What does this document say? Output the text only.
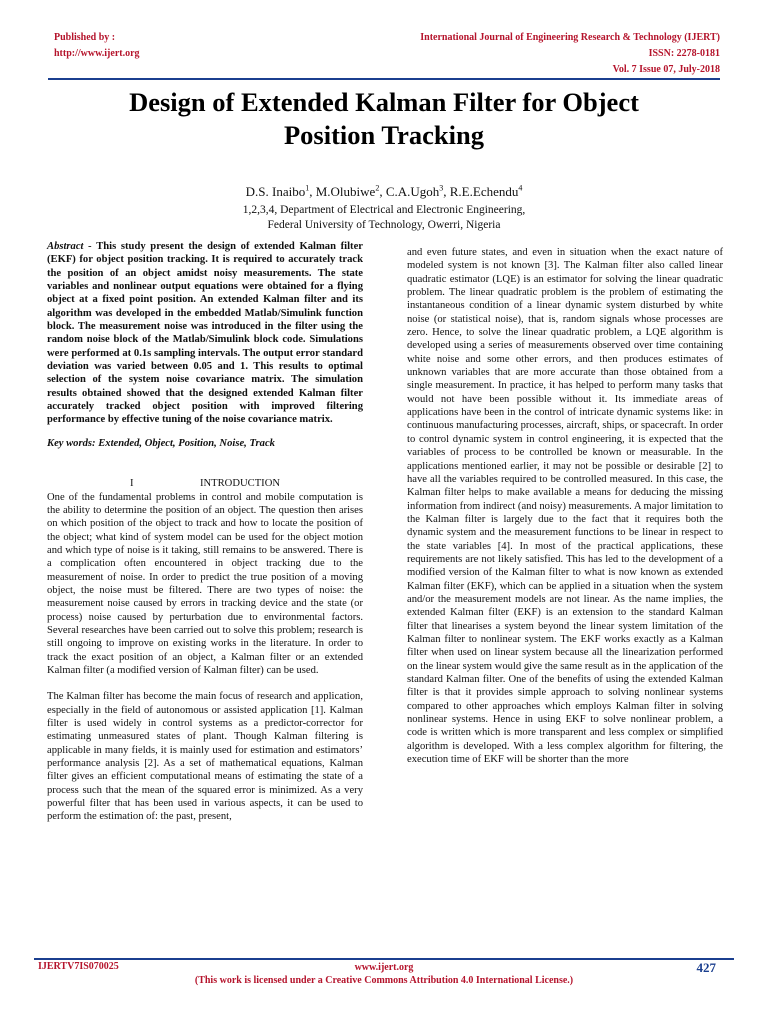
Published by :
http://www.ijert.org
International Journal of Engineering Research & Technology (IJERT)
ISSN: 2278-0181
Vol. 7 Issue 07, July-2018
Design of Extended Kalman Filter for Object
Position Tracking
D.S. Inaibo$^1$, M.Olubiwe$^2$, C.A.Ugoh$^3$, R.E.Echendu$^4$
1,2,3,4, Department of Electrical and Electronic Engineering,
Federal University of Technology, Owerri, Nigeria

Abstract - This study present the design of extended Kalman filter (EKF) for object position tracking. It is required to accurately track the position of an object amidst noisy measurements. The state variables and nonlinear output equations were obtained for a flying object at a fixed point position. An extended Kalman filter and its algorithm was developed in the embedded Matlab/Simulink function block. The measurement noise was introduced in the filter using the random noise block of the Matlab/Simulink block code. Simulations were performed at 0.1s sampling intervals. The output error standard deviation was varied between 0.05 and 1. This results to optimal selection of the system noise covariance matrix. The simulation results obtained showed that the designed extended Kalman filter accurately tracked object position with improved filtering performance by effective tuning of the noise covariance matrix.

Key words: Extended, Object, Position, Noise, Track

I	INTRODUCTION

One of the fundamental problems in control and mobile computation is the ability to determine the position of an object. The question then arises on which position of the object to track and how to locate the position of the object; what kind of system model can be used for the object motion and which type of noise is it taking, still remains to be answered. There is a complication often encountered in object tracking due to the measurement of noise. In order to predict the true position of a moving object, the noise must be filtered. There are two types of noise: the measurement noise caused by errors in tracking device and the state (or process) noise caused by perturbation due to environmental factors. Several researches have been carried out to solve this problem; research is still ongoing to improve on existing works in the literature. In order to track the exact position of an object, a Kalman filter or an extended Kalman filter (a modified version of Kalman filter) can be used.

The Kalman filter has become the main focus of research and application, especially in the field of autonomous or assisted application [1]. Kalman filter is used widely in control systems as a predictor-corrector for estimating unmeasured states of plant. Though Kalman filtering is applicable in many fields, it is mainly used for estimation and estimators’ performance analysis [2]. As a set of mathematical equations, Kalman filter gives an efficient computational means of estimating the state of a process such that the mean of the squared error is minimized. As a very powerful filter that has been used in various aspects, it can be used to perform the estimation of: the past, present,

and even future states, and even in situation when the exact nature of modeled system is not known [3]. The Kalman filter also called linear quadratic estimator (LQE) is an estimator for solving the linear quadratic problem. The linear quadratic problem is the problem of estimating the instantaneous condition of a linear dynamic system disturbed by white noise (or statistical noise), that is, random signals whose processes are zero. Hence, to solve the linear quadratic problem, a LQE algorithm is developed using a series of measurements observed over time containing white noise and some other errors, and then produces estimates of unknown variables that are more accurate than those obtained from a single measurement. In practice, it has helped to perform many tasks that would not have been possible without it. Its immediate areas of applications have been in the control of intricate dynamic systems like: in continuous manufacturing processes, aircraft, ships, or spacecraft. In order to control dynamic system in control engineering, it is expected that the variables of process to be controlled be known or measurable. In the applications mentioned earlier, it may not be possible or desirable [2] to have all the variables required to be controlled measured. In this case, the Kalman filter helps to make available a means for deducing the missing information from indirect (and noisy) measurements. A major limitation to the Kalman filter is largely due to the fact that it requires both the dynamic system and the measurement functions to be linear in respect to the state variables [4]. In most of the practical applications, these requirements are not likely satisfied. This has led to the development of a modified version of the Kalman filter to what is now known as extended Kalman filter (EKF), which can be applied in a situation when the system and/or the measurement models are not linear. As the name implies, the extended Kalman filter (EKF) is an extension to the standard Kalman filter that linearises a system beyond the linear system limitation of the Kalman filter to nonlinear system. The EKF works exactly as a Kalman filter when used on linear system because all the linearization performed on the linear system would give the same result as in the application of the standard Kalman filter. One of the benefits of using the extended Kalman filter is that it provides simple approach to solving nonlinear systems compared to other approaches which employs Kalman filter in solving nonlinear systems. Hence in using EKF to solve nonlinear problem, a code is written which is more transparent and less complex or simplified algorithm is developed. With a less complex algorithm for filtering, the execution time of EKF will be shorter than the more

IJERTV7IS070025	www.ijert.org
(This work is licensed under a Creative Commons Attribution 4.0 International License.)
427
